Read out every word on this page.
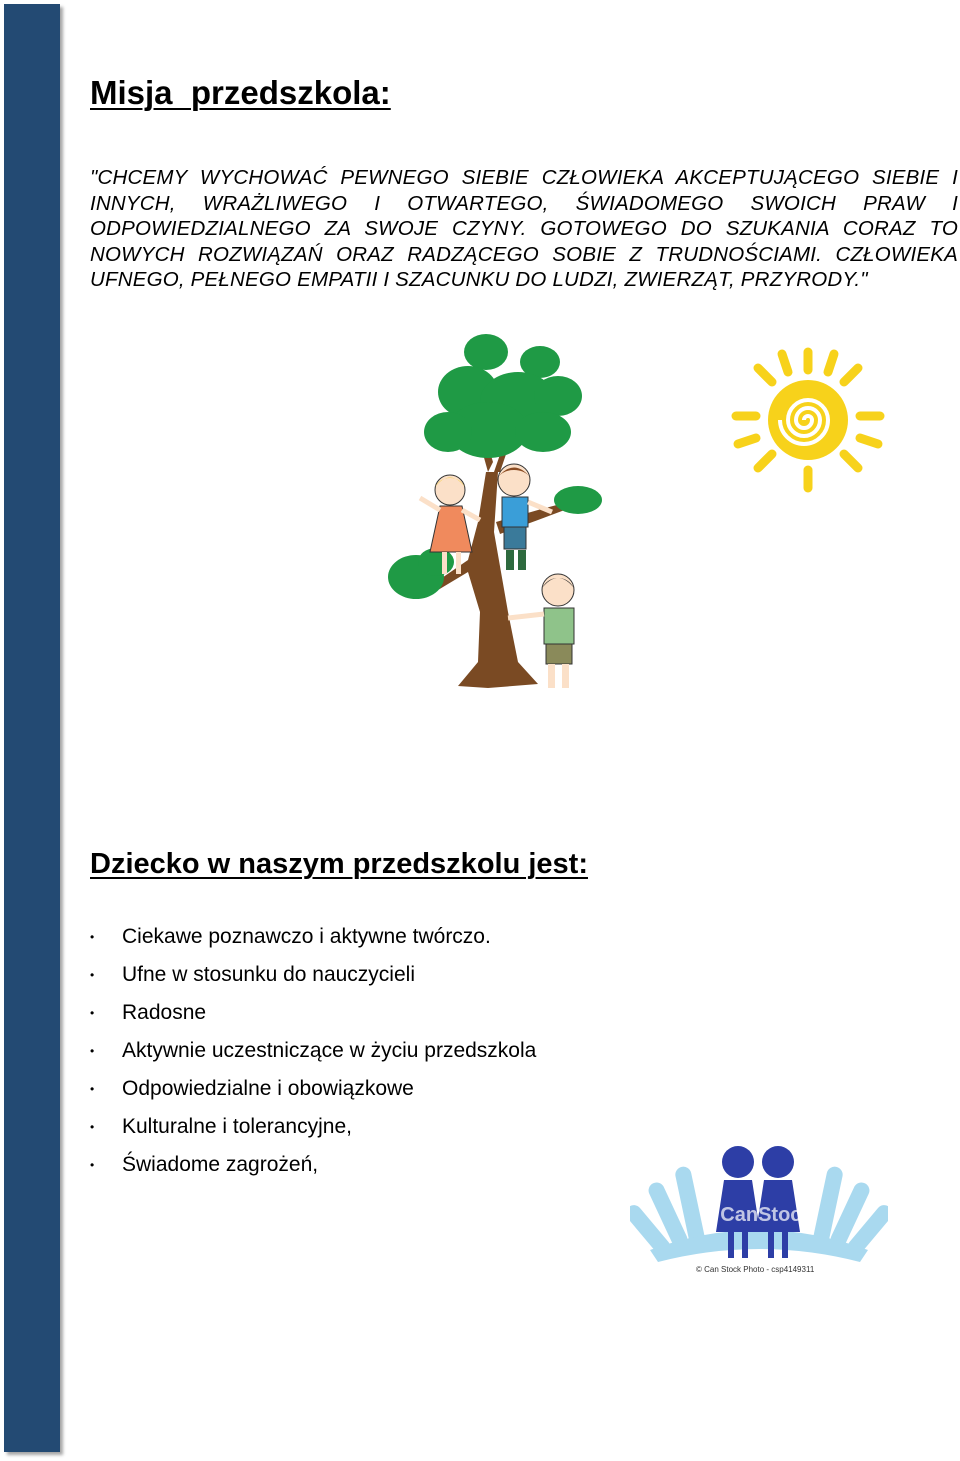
Misja  przedszkola:

"CHCEMY WYCHOWAĆ PEWNEGO SIEBIE CZŁOWIEKA AKCEPTUJĄCEGO SIEBIE I INNYCH, WRAŻLIWEGO I OTWARTEGO, ŚWIADOMEGO SWOICH PRAW I ODPOWIEDZIALNEGO ZA SWOJE CZYNY. GOTOWEGO DO SZUKANIA CORAZ TO NOWYCH ROZWIĄZAŃ ORAZ RADZĄCEGO SOBIE Z TRUDNOŚCIAMI. CZŁOWIEKA UFNEGO, PEŁNEGO EMPATII I SZACUNKU DO LUDZI, ZWIERZĄT, PRZYRODY."

Dziecko w naszym przedszkolu jest:
• Ciekawe poznawczo i aktywne twórczo.
• Ufne w stosunku do nauczycieli
• Radosne
• Aktywnie uczestniczące w życiu przedszkola
• Odpowiedzialne i obowiązkowe
• Kulturalne i tolerancyjne,
• Świadome zagrożeń,
© CanStock
© Can Stock Photo - csp4149311
